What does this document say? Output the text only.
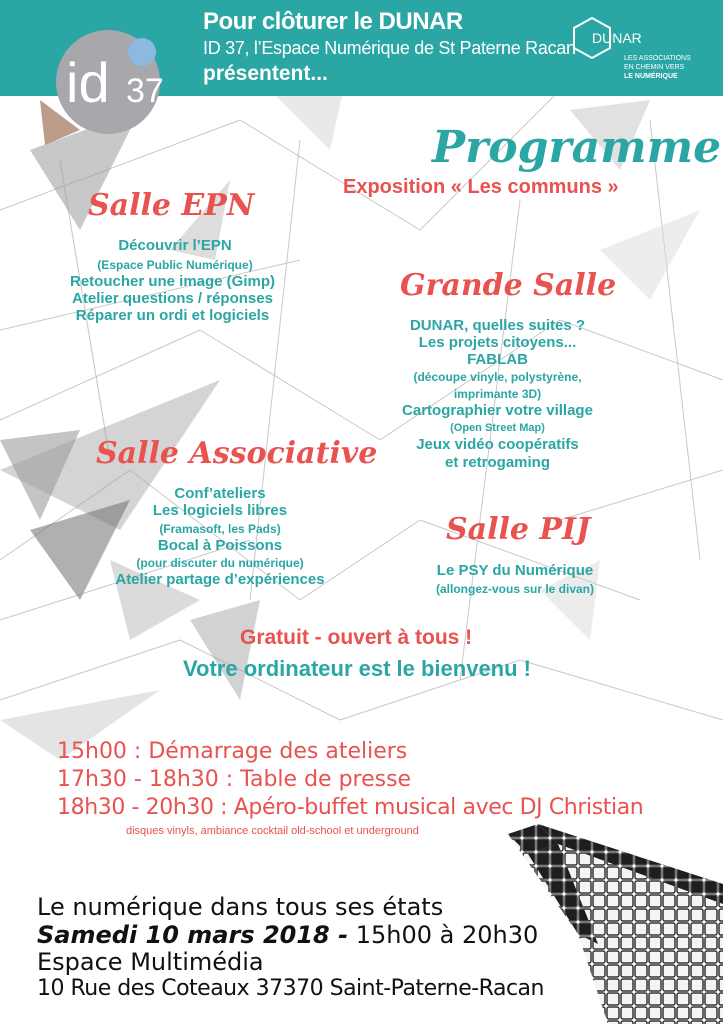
Pour clôturer le DUNAR
ID 37, l’Espace Numérique de St Paterne Racan
présentent...
id 37
DUNAR
LES ASSOCIATIONS
EN CHEMIN VERS
LE NUMÉRIQUE
Programme
Exposition « Les communs »
Salle EPN
Découvrir l’EPN
(Espace Public Numérique)
Retoucher une image (Gimp)
Atelier questions / réponses
Réparer un ordi et logiciels
Grande Salle
DUNAR, quelles suites ?
Les projets citoyens...
FABLAB
(découpe vinyle, polystyrène,
imprimante 3D)
Cartographier votre village
(Open Street Map)
Jeux vidéo coopératifs
et retrogaming
Salle Associative
Conf’ateliers
Les logiciels libres
(Framasoft, les Pads)
Bocal à Poissons
(pour discuter du numérique)
Atelier partage d’expériences
Salle PIJ
Le PSY du Numérique
(allongez-vous sur le divan)
Gratuit - ouvert à tous !
Votre ordinateur est le bienvenu !
15h00 : Démarrage des ateliers
17h30 - 18h30 : Table de presse
18h30 - 20h30 : Apéro-buffet musical avec DJ Christian
disques vinyls, ambiance cocktail old-school et underground
Le numérique dans tous ses états
Samedi 10 mars 2018 - 15h00 à 20h30
Espace Multimédia
10 Rue des Coteaux 37370 Saint-Paterne-Racan
